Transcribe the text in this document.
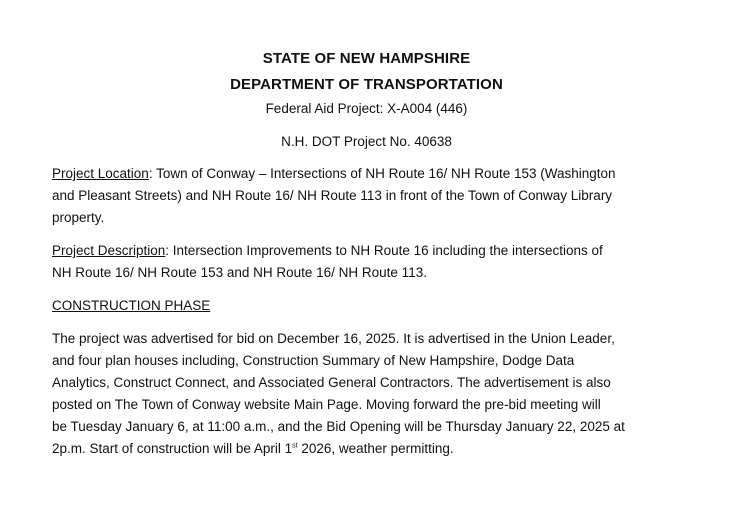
STATE OF NEW HAMPSHIRE
DEPARTMENT OF TRANSPORTATION
Federal Aid Project: X-A004 (446)
N.H. DOT Project No. 40638
Project Location: Town of Conway – Intersections of NH Route 16/ NH Route 153 (Washington
and Pleasant Streets) and NH Route 16/ NH Route 113 in front of the Town of Conway Library
property.
Project Description: Intersection Improvements to NH Route 16 including the intersections of
NH Route 16/ NH Route 153 and NH Route 16/ NH Route 113.
CONSTRUCTION PHASE
The project was advertised for bid on December 16, 2025. It is advertised in the Union Leader,
and four plan houses including, Construction Summary of New Hampshire, Dodge Data
Analytics, Construct Connect, and Associated General Contractors. The advertisement is also
posted on The Town of Conway website Main Page. Moving forward the pre-bid meeting will
be Tuesday January 6, at 11:00 a.m., and the Bid Opening will be Thursday January 22, 2025 at
2p.m. Start of construction will be April 1st 2026, weather permitting.
